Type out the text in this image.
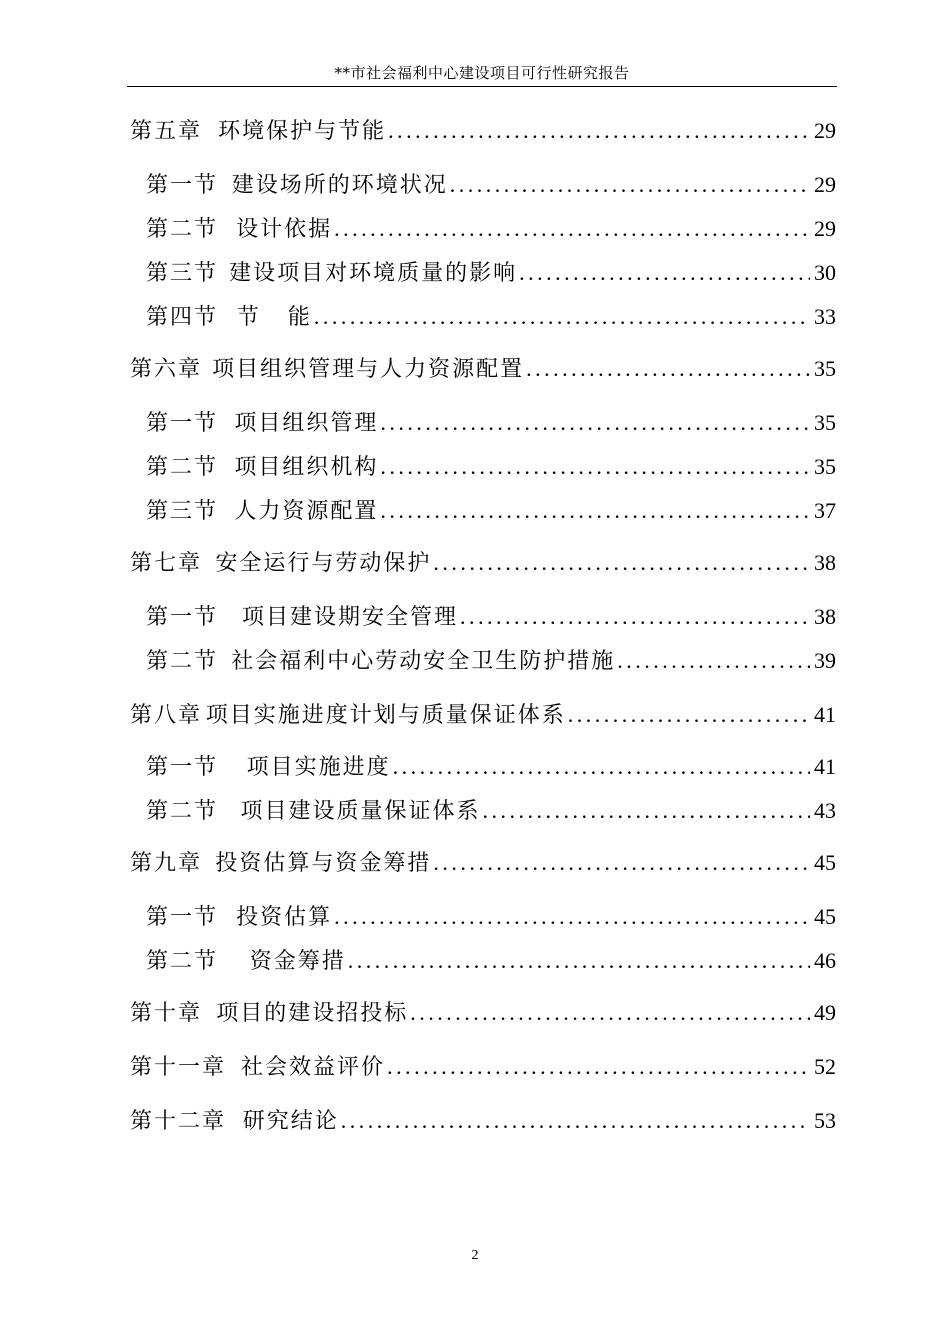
**市社会福利中心建设项目可行性研究报告
第五章 环境保护与节能 . . .	29
第一节 建设场所的环境状况 . . .	29
第二节 设计依据 . . .	29
第三节 建设项目对环境质量的影响 . . .	30
第四节 节   能 . . .	33
第六章 项目组织管理与人力资源配置 . . .	35
第一节 项目组织管理 . . .	35
第二节 项目组织机构 . . .	35
第三节 人力资源配置 . . .	37
第七章 安全运行与劳动保护 . . .	38
第一节 项目建设期安全管理 . . .	38
第二节 社会福利中心劳动安全卫生防护措施 . . .	39
第八章 项目实施进度计划与质量保证体系 . . .	41
第一节 项目实施进度 . . .	41
第二节 项目建设质量保证体系 . . .	43
第九章 投资估算与资金筹措 . . .	45
第一节 投资估算 . . .	45
第二节 资金筹措 . . .	46
第十章 项目的建设招投标 . . .	49
第十一章 社会效益评价 . . .	52
第十二章 研究结论 . . .	53
2
